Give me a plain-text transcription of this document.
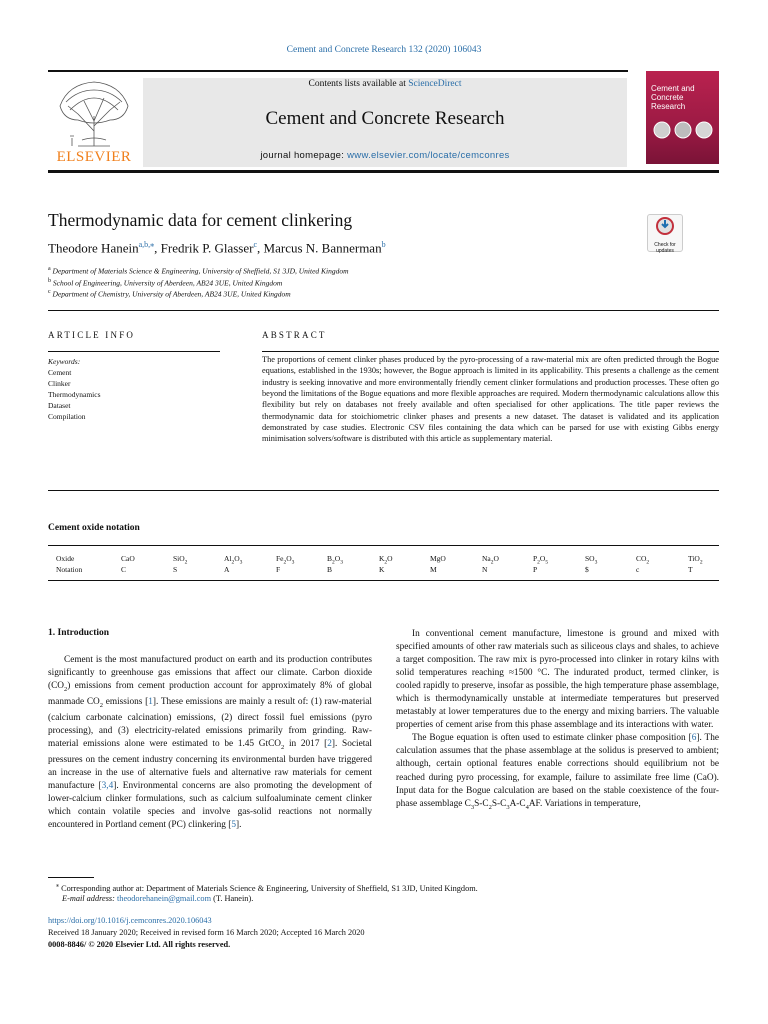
Cement and Concrete Research 132 (2020) 106043
ELSEVIER
Contents lists available at ScienceDirect
Cement and Concrete Research
journal homepage: www.elsevier.com/locate/cemconres
Cement and Concrete Research
Thermodynamic data for cement clinkering
Check for updates
Theodore Hanein$^{a,b,⁎}$, Fredrik P. Glasser$^c$, Marcus N. Bannerman$^b$
$^a$ Department of Materials Science & Engineering, University of Sheffield, S1 3JD, United Kingdom
$^b$ School of Engineering, University of Aberdeen, AB24 3UE, United Kingdom
$^c$ Department of Chemistry, University of Aberdeen, AB24 3UE, United Kingdom
ARTICLE INFO	ABSTRACT
Keywords:
Cement
Clinker
Thermodynamics
Dataset
Compilation
The proportions of cement clinker phases produced by the pyro-processing of a raw-material mix are often predicted through the Bogue equations, established in the 1930s; however, the Bogue approach is limited in its applicability. This presents a challenge as the cement industry is seeking innovative and more environmentally friendly cement clinker formulations and production processes. These often go beyond the limitations of the Bogue equations and more flexible approaches are required. Modern thermodynamic calculations allow this flexibility but rely on databases not freely available and often specialised for other applications. The title paper reviews the thermodynamic data for stoichiometric clinker phases and presents a new dataset. The dataset is validated and its application demonstrated by case studies. Electronic CSV files containing the data which can be parsed for use with existing Gibbs energy minimisation solvers/software is distributed with this article as supplementary material.
Cement oxide notation
Oxide
Notation
CaO
C
SiO$_2$
S
$Al_2O_3$
A
$Fe_2O_3$
F
$B_2O_3$
B
$K_2O$
K
MgO
M
$Na_2O$
N
$P_2O_5$
P
$SO_3$
$
$CO_2$
c
TiO$_2$
T
1. Introduction

Cement is the most manufactured product on earth and its production contributes significantly to greenhouse gas emissions that affect our climate. Carbon dioxide $(CO_2)$ emissions from cement production account for approximately 8% of global manmade $CO_2$ emissions [1]. These emissions are mainly a result of: (1) raw-material (calcium carbonate calcination) emissions, (2) direct fossil fuel emissions (pyro processing), and (3) electricity-related emissions primarily from grinding. Raw-material emissions alone were estimated to be 1.45 GtCO$_2$ in 2017 [2]. Societal pressures on the cement industry concerning its environmental burden have triggered an increase in the use of alternative fuels and alternative raw materials for cement manufacture [3,4]. Environmental concerns are also promoting the development of lower-calcium clinker formulations, such as calcium sulfoaluminate cement clinker which contain volatile species and involve gas-solid reactions not normally encountered in Portland cement (PC) clinkering [5].

In conventional cement manufacture, limestone is ground and mixed with specified amounts of other raw materials such as siliceous clays and shales, to achieve a target composition. The raw mix is pyro-processed into clinker in rotary kilns with solid temperatures reaching ≈1500 °C. The indurated product, termed clinker, is cooled rapidly to preserve, insofar as possible, the high temperature phase assemblage, which is thermodynamically unstable at intermediate temperatures but preserved metastably at lower temperatures due to the energy and mixing barriers. The valuable properties of cement arise from this phase assemblage and its interactions with water.

The Bogue equation is often used to estimate clinker phase composition [6]. The calculation assumes that the phase assemblage at the solidus is preserved to ambient; although, certain optional features enable corrections should equilibrium not be reached during pyro processing, for example, failure to assimilate free lime (CaO). Input data for the Bogue calculation are based on the stable coexistence of the four-phase assemblage $C_3S-C_2S-C_3A-C_4AF$. Variations in temperature,

⁎ Corresponding author at: Department of Materials Science & Engineering, University of Sheffield, S1 3JD, United Kingdom.
E-mail address: theodorehanein@gmail.com (T. Hanein).
https://doi.org/10.1016/j.cemconres.2020.106043
Received 18 January 2020; Received in revised form 16 March 2020; Accepted 16 March 2020
0008-8846/ © 2020 Elsevier Ltd. All rights reserved.
